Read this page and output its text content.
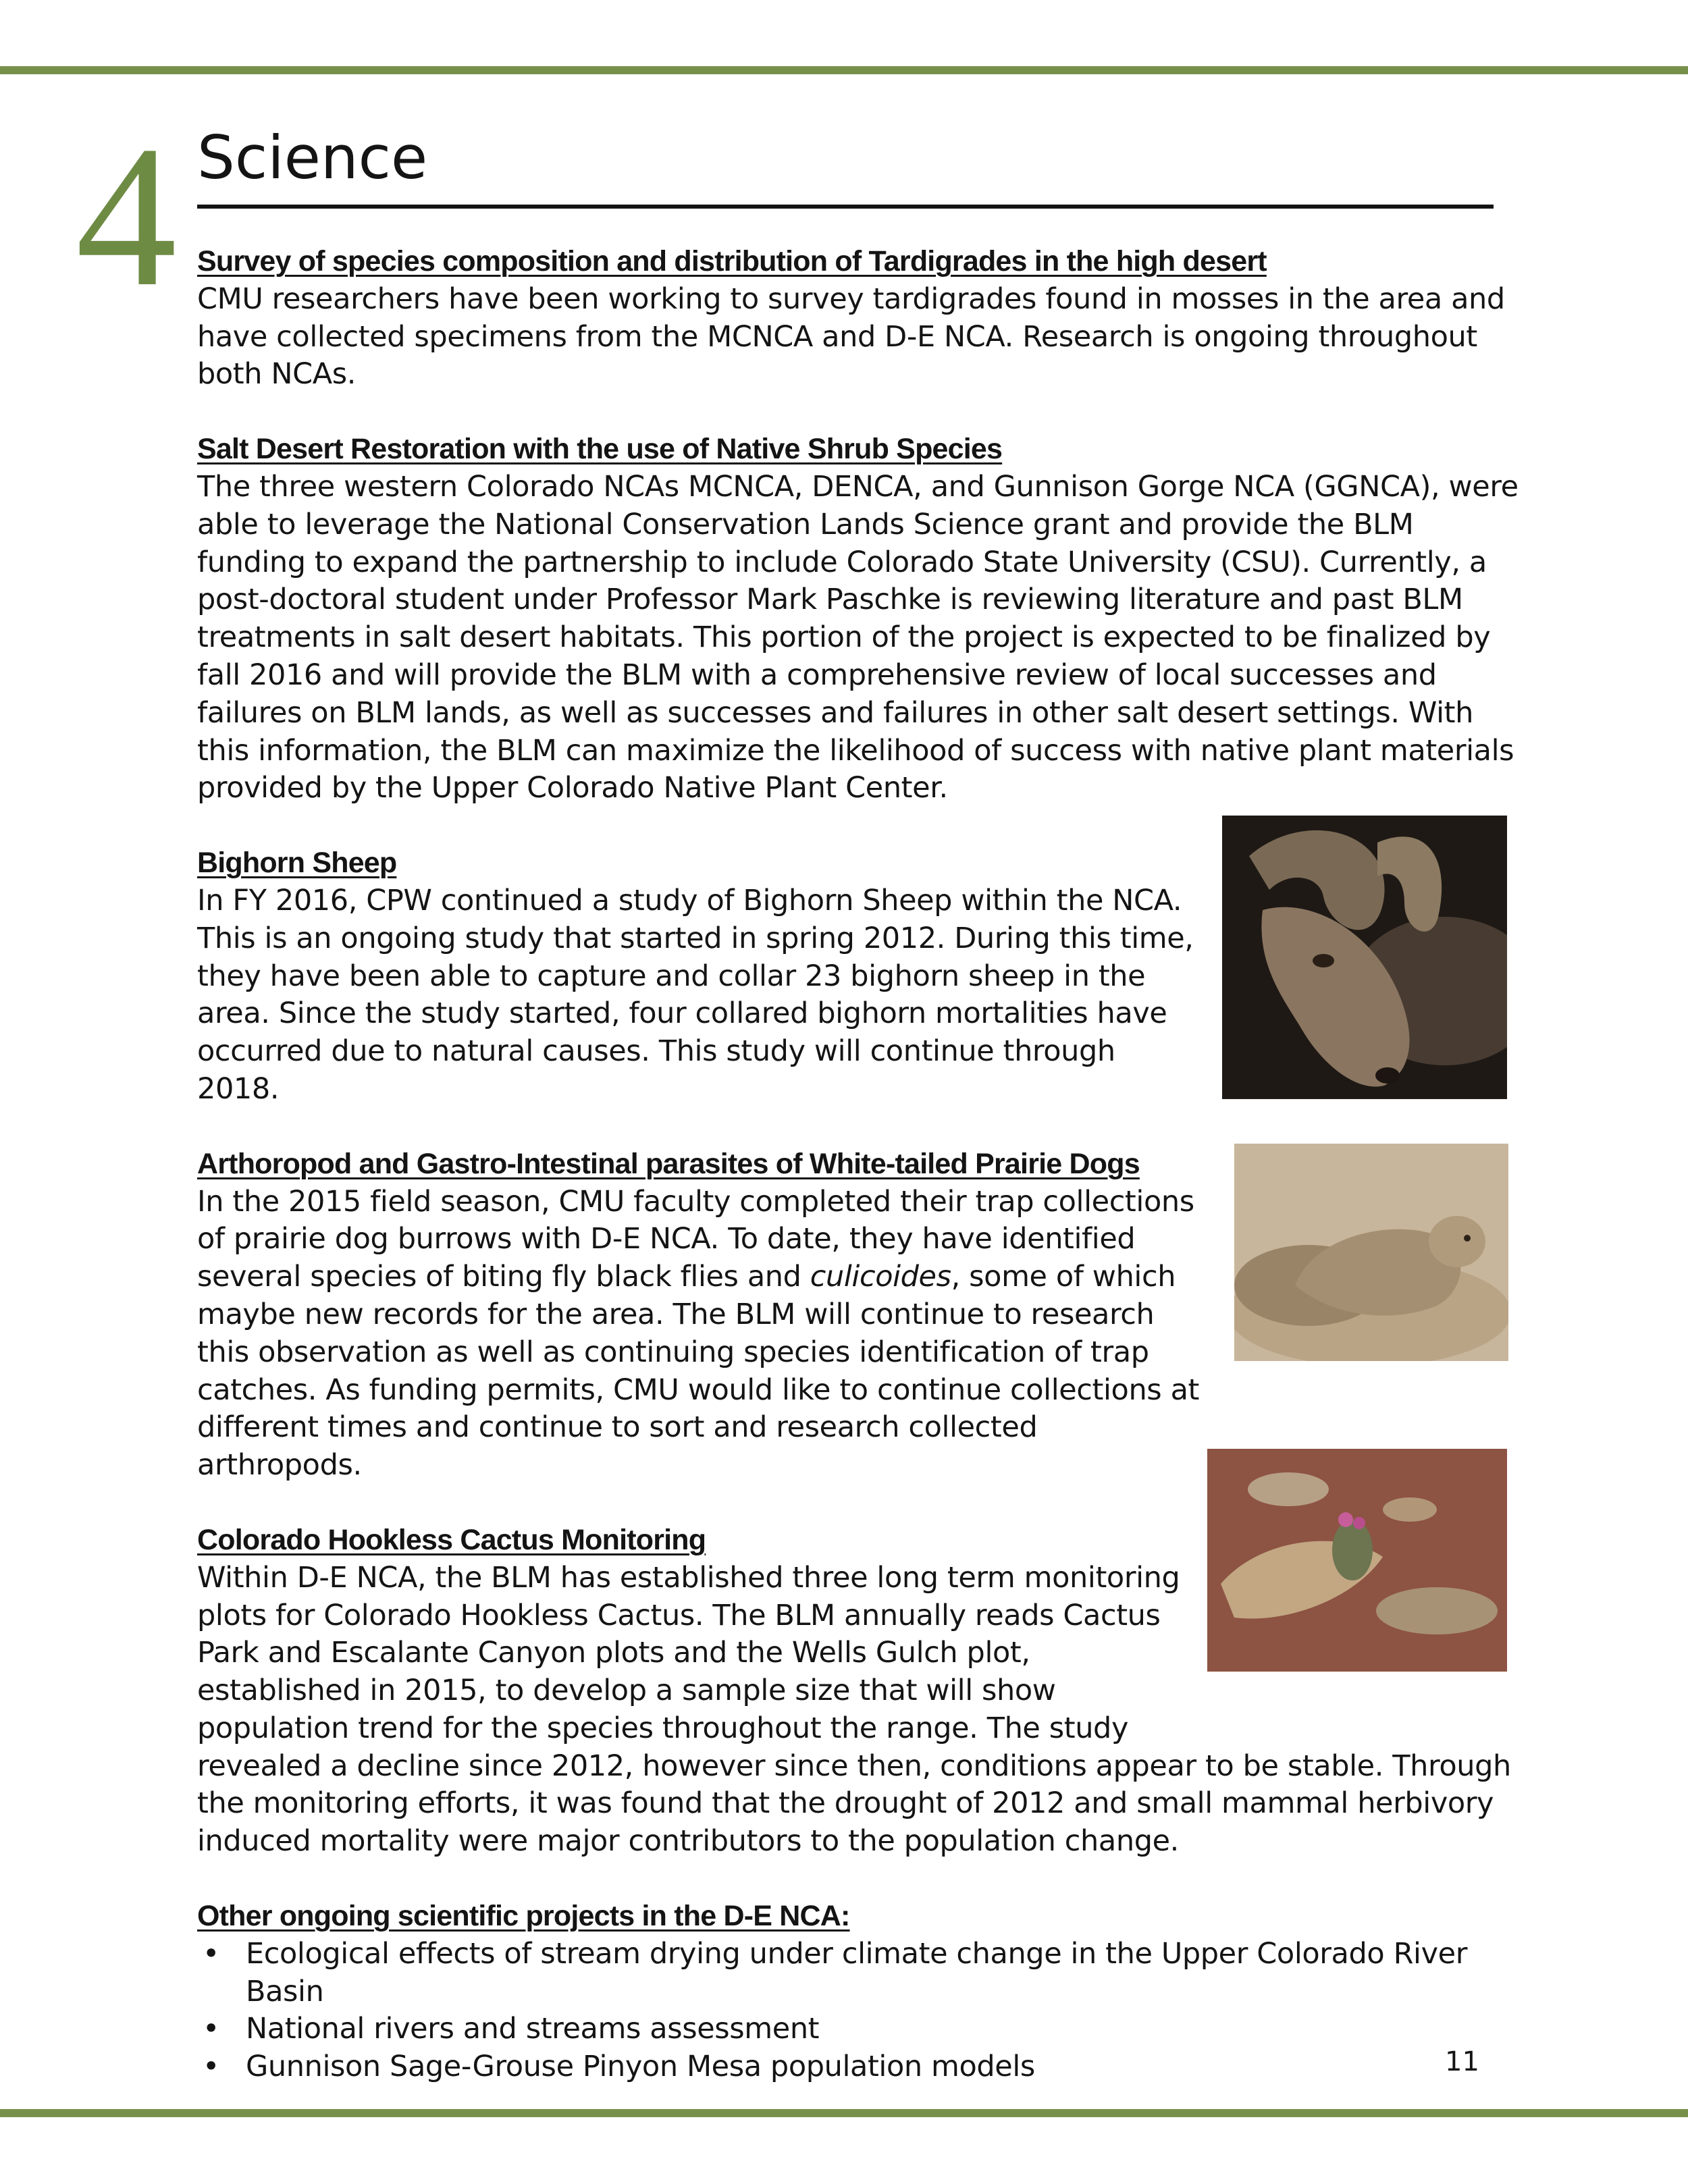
4 Science
Survey of species composition and distribution of Tardigrades in the high desert

CMU researchers have been working to survey tardigrades found in mosses in the area and have collected specimens from the MCNCA and D-E NCA. Research is ongoing throughout both NCAs.

Salt Desert Restoration with the use of Native Shrub Species

The three western Colorado NCAs MCNCA, DENCA, and Gunnison Gorge NCA (GGNCA), were able to leverage the National Conservation Lands Science grant and provide the BLM funding to expand the partnership to include Colorado State University (CSU). Currently, a post-doctoral student under Professor Mark Paschke is reviewing literature and past BLM treatments in salt desert habitats. This portion of the project is expected to be finalized by fall 2016 and will provide the BLM with a comprehensive review of local successes and failures on BLM lands, as well as successes and failures in other salt desert settings. With this information, the BLM can maximize the likelihood of success with native plant materials provided by the Upper Colorado Native Plant Center.

Bighorn Sheep

In FY 2016, CPW continued a study of Bighorn Sheep within the NCA. This is an ongoing study that started in spring 2012. During this time, they have been able to capture and collar 23 bighorn sheep in the area. Since the study started, four collared bighorn mortalities have occurred due to natural causes. This study will continue through 2018.

Arthoropod and Gastro-Intestinal parasites of White-tailed Prairie Dogs

In the 2015 field season, CMU faculty completed their trap collections of prairie dog burrows with D-E NCA. To date, they have identified several species of biting fly black flies and culicoides, some of which maybe new records for the area. The BLM will continue to research this observation as well as continuing species identification of trap catches. As funding permits, CMU would like to continue collections at different times and continue to sort and research collected arthropods.

Colorado Hookless Cactus Monitoring

Within D-E NCA, the BLM has established three long term monitoring plots for Colorado Hookless Cactus. The BLM annually reads Cactus Park and Escalante Canyon plots and the Wells Gulch plot, established in 2015, to develop a sample size that will show population trend for the species throughout the range. The study

revealed a decline since 2012, however since then, conditions appear to be stable. Through the monitoring efforts, it was found that the drought of 2012 and small mammal herbivory induced mortality were major contributors to the population change.

Other ongoing scientific projects in the D-E NCA:
• Ecological effects of stream drying under climate change in the Upper Colorado River Basin
• National rivers and streams assessment
• Gunnison Sage-Grouse Pinyon Mesa population models	11
